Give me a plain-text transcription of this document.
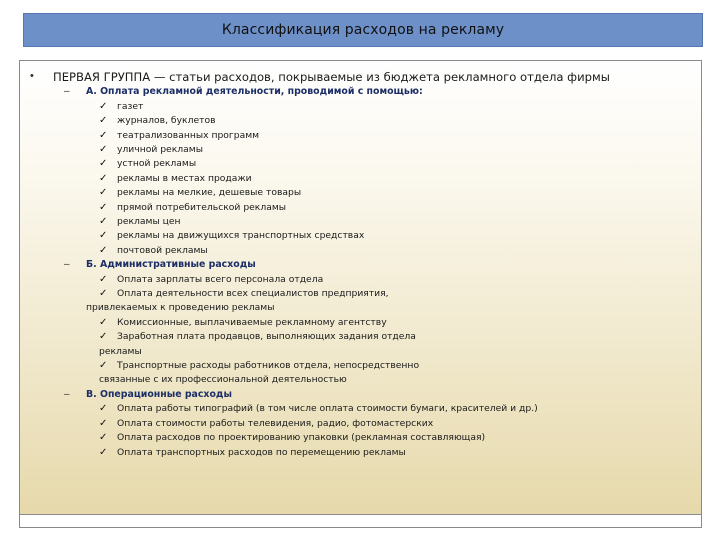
Классификация расходов на рекламу
• ПЕРВАЯ ГРУППА — статьи расходов, покрываемые из бюджета рекламного отдела фирмы
– А. Оплата рекламной деятельности, проводимой с помощью:
✓ газет
✓ журналов, буклетов
✓ театрализованных программ
✓ уличной рекламы
✓ устной рекламы
✓ рекламы в местах продажи
✓ рекламы на мелкие, дешевые товары
✓ прямой потребительской рекламы
✓ рекламы цен
✓ рекламы на движущихся транспортных средствах
✓ почтовой рекламы
– Б. Административные расходы
✓ Оплата зарплаты всего персонала отдела
✓ Оплата деятельности всех специалистов предприятия,
привлекаемых к проведению рекламы
✓ Комиссионные, выплачиваемые рекламному агентству
✓ Заработная плата продавцов, выполняющих задания отдела
рекламы
✓ Транспортные расходы работников отдела, непосредственно
связанные с их профессиональной деятельностью
– В. Операционные расходы
✓ Оплата работы типографий (в том числе оплата стоимости бумаги, красителей и др.)
✓ Оплата стоимости работы телевидения, радио, фотомастерских
✓ Оплата расходов по проектированию упаковки (рекламная составляющая)
✓ Оплата транспортных расходов по перемещению рекламы
